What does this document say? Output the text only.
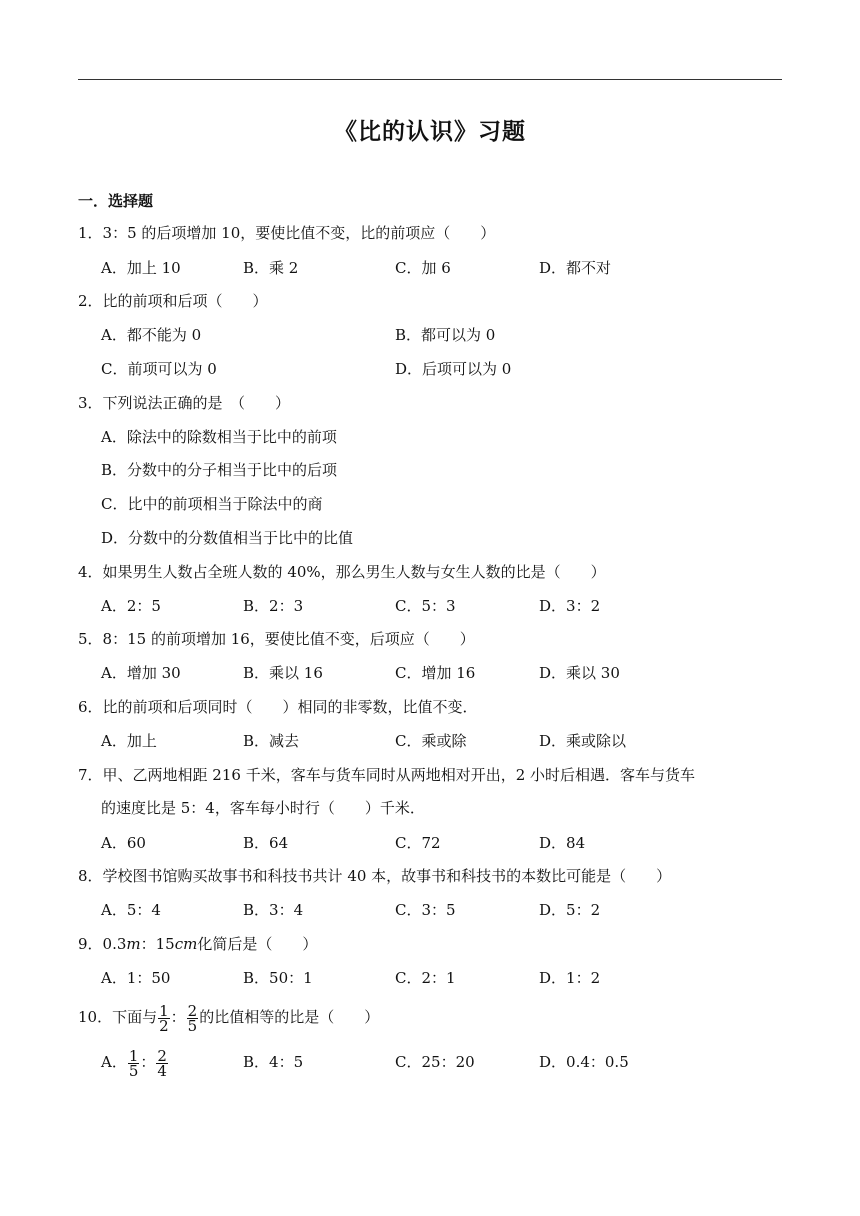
《比的认识》习题
一．选择题
1．3：5 的后项增加 10，要使比值不变，比的前项应（　　）
A．加上 10	B．乘 2	C．加 6	D．都不对
2．比的前项和后项（　　）
A．都不能为 0	B．都可以为 0
C．前项可以为 0	D．后项可以为 0
3．下列说法正确的是　（　　）
A．除法中的除数相当于比中的前项
B．分数中的分子相当于比中的后项
C．比中的前项相当于除法中的商
D．分数中的分数值相当于比中的比值
4．如果男生人数占全班人数的 40%，那么男生人数与女生人数的比是（　　）
A．2：5	B．2：3	C．5：3	D．3：2
5．8：15 的前项增加 16，要使比值不变，后项应（　　）
A．增加 30	B．乘以 16	C．增加 16	D．乘以 30
6．比的前项和后项同时（　　）相同的非零数，比值不变．
A．加上	B．减去	C．乘或除	D．乘或除以
7．甲、乙两地相距 216 千米，客车与货车同时从两地相对开出，2 小时后相遇．客车与货车
的速度比是 5：4，客车每小时行（　　）千米．
A．60	B．64	C．72	D．84
8．学校图书馆购买故事书和科技书共计 40 本，故事书和科技书的本数比可能是（　　）
A．5：4	B．3：4	C．3：5	D．5：2
9．0.3m：15cm化简后是（　　）
A．1：50	B．50：1	C．2：1	D．1：2
10．下面与 $\frac{1}{2}$ ： $\frac{2}{5}$ 的比值相等的比是（　　）
A． $\frac{1}{5}$ ： $\frac{2}{4}$	B．4：5	C．25：20	D．0.4：0.5
